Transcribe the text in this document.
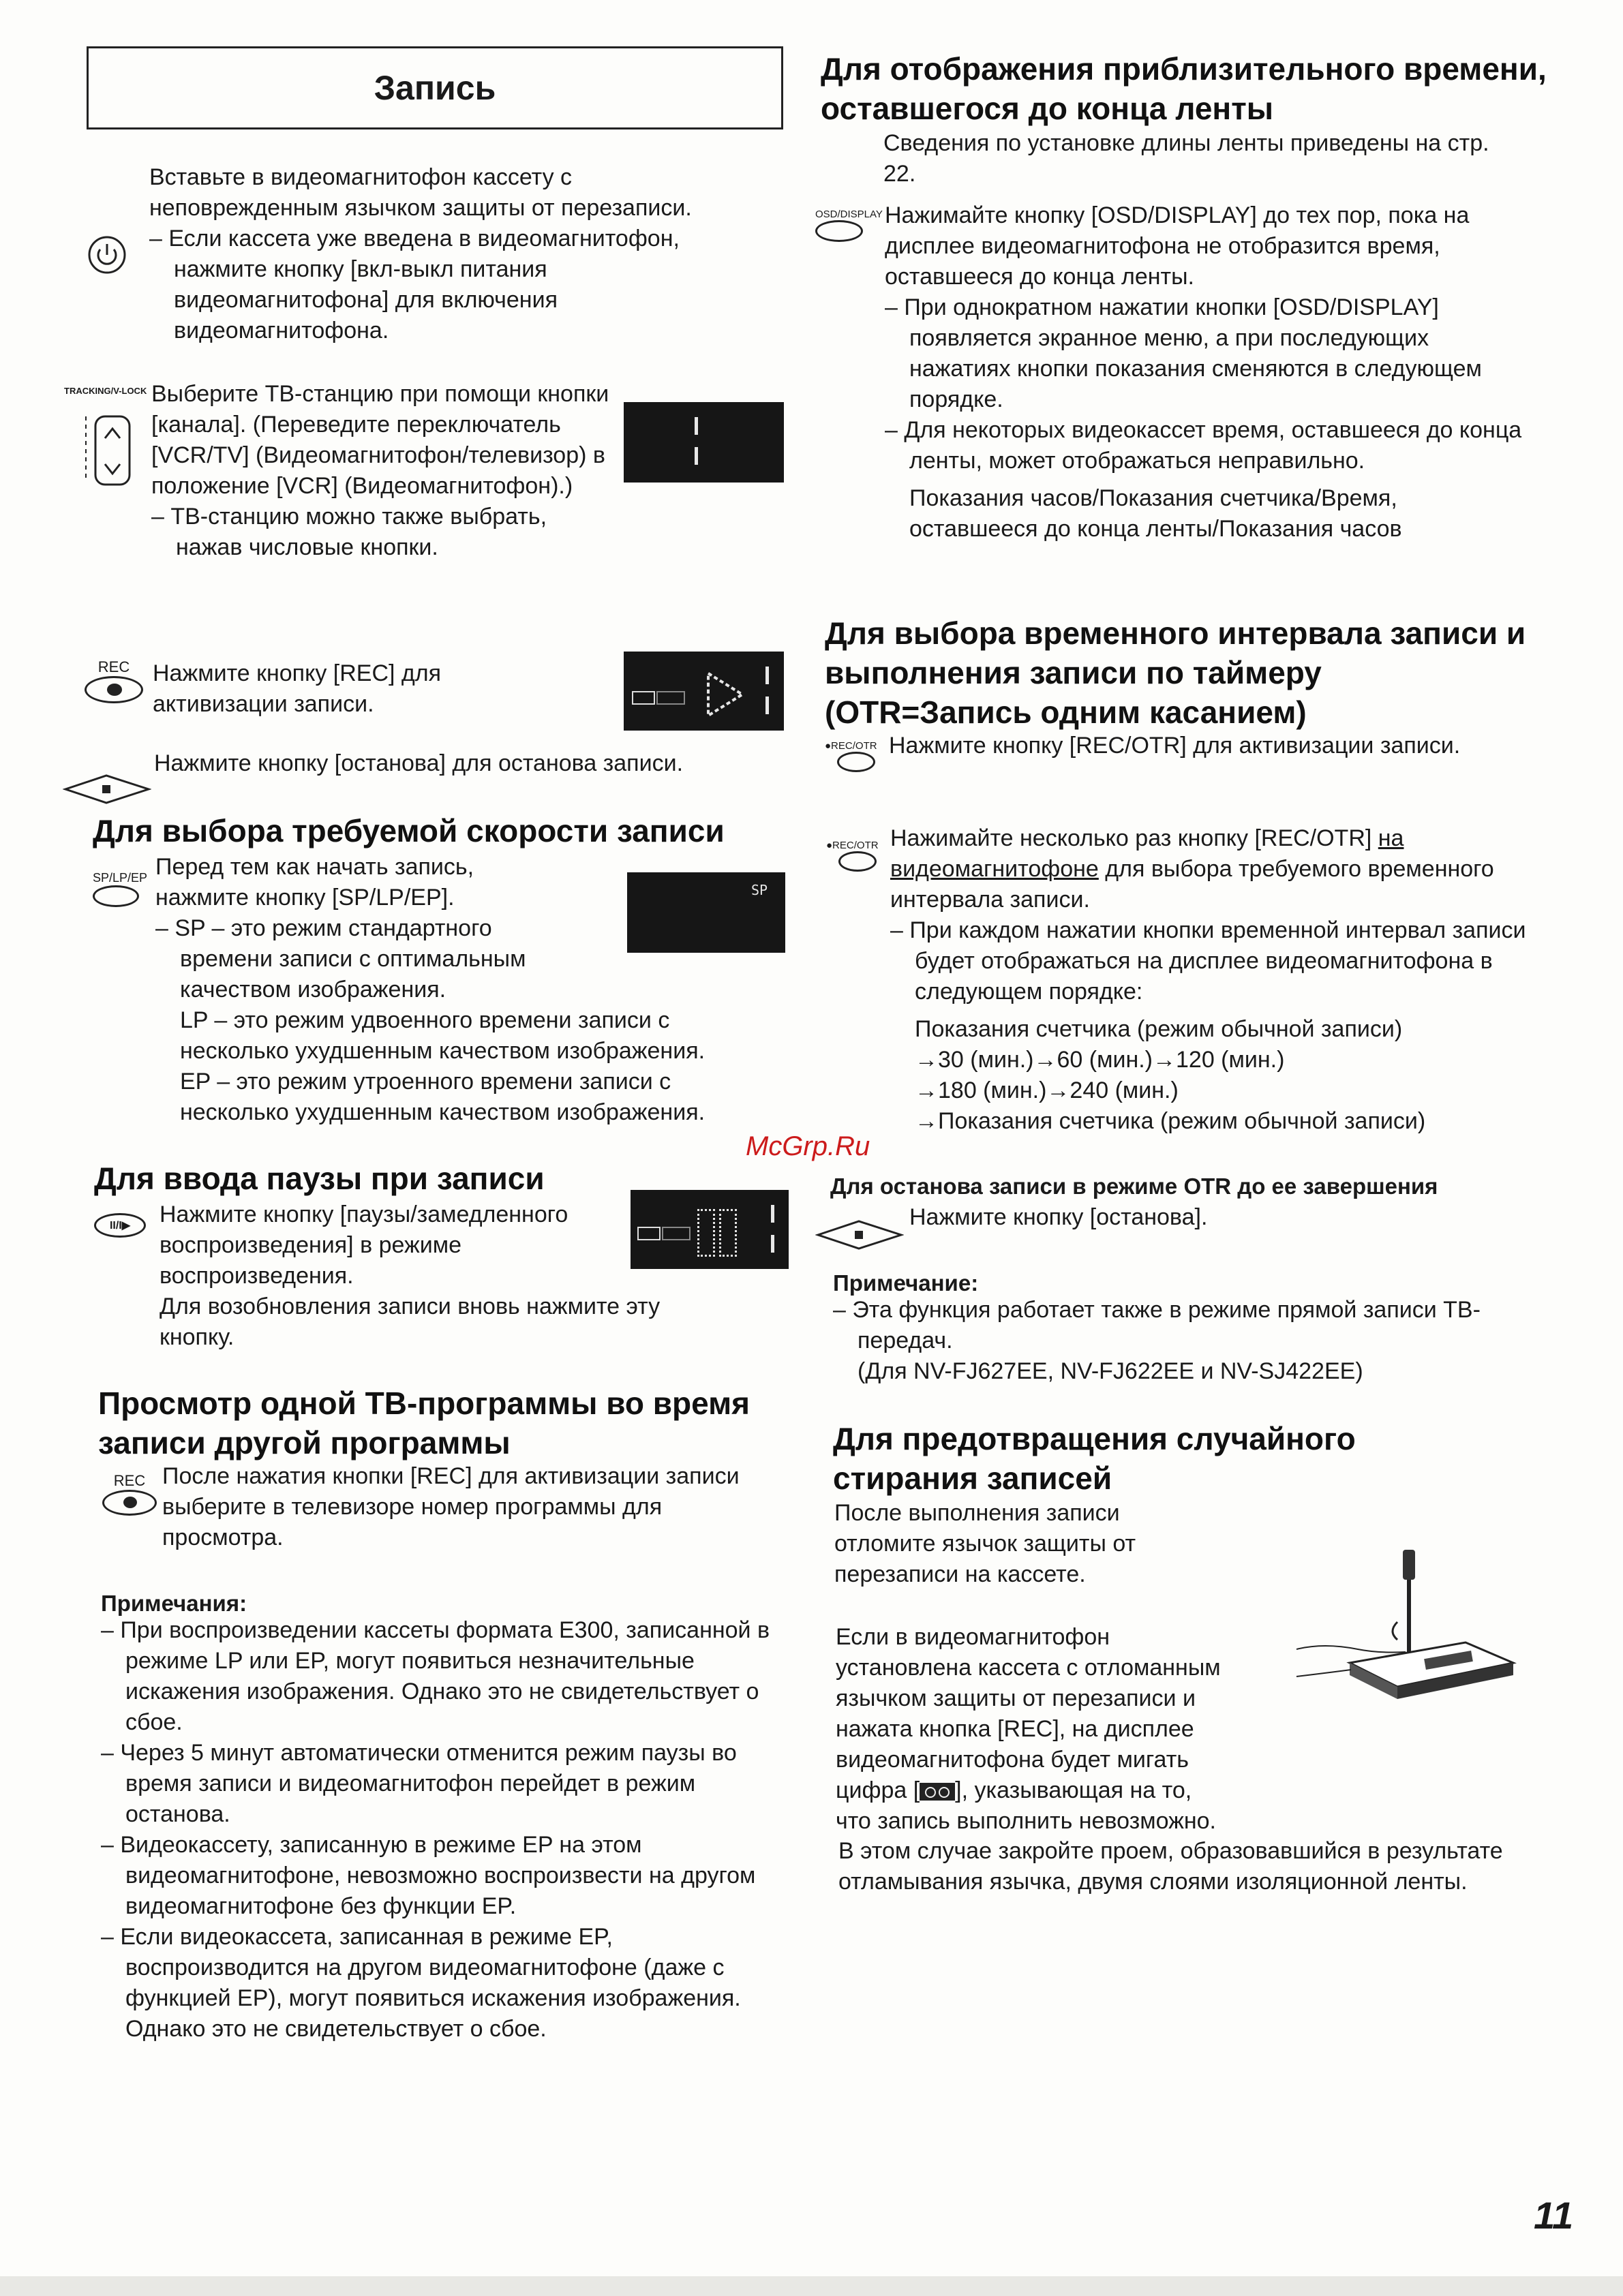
Запись

Вставьте в видеомагнитофон кассету с неповрежденным язычком защиты от перезаписи.

– Если кассета уже введена в видеомагнитофон, нажмите кнопку [вкл-выкл питания видеомагнитофона] для включения видеомагнитофона.

TRACKING/V-LOCK Выберите ТВ-станцию при помощи кнопки [канала]. (Переведите переключатель [VCR/TV] (Видеомагнитофон/телевизор) в положение [VCR] (Видеомагнитофон).)

– ТВ-станцию можно также выбрать, нажав числовые кнопки.

REC Нажмите кнопку [REC] для активизации записи.
Нажмите кнопку [останова] для останова записи.
Для выбора требуемой скорости записи
SP/LP/EP Перед тем как начать запись, нажмите кнопку [SP/LP/EP].

– SP – это режим стандартного времени записи с оптимальным качеством изображения.

LP – это режим удвоенного времени записи с несколько ухудшенным качеством изображения.

EP – это режим утроенного времени записи с несколько ухудшенным качеством изображения.

SP
Для ввода паузы при записи
II/I▶	Нажмите кнопку [паузы/замедленного воспроизведения] в режиме воспроизведения.

Для возобновления записи вновь нажмите эту кнопку.

Просмотр одной ТВ-программы во время записи другой программы
REC После нажатия кнопки [REC] для активизации записи выберите в телевизоре номер программы для просмотра.
Примечания:

– При воспроизведении кассеты формата E300, записанной в режиме LP или EP, могут появиться незначительные искажения изображения. Однако это не свидетельствует о сбое.

– Через 5 минут автоматически отменится режим паузы во время записи и видеомагнитофон перейдет в режим останова.

– Видеокассету, записанную в режиме EP на этом видеомагнитофоне, невозможно воспроизвести на другом видеомагнитофоне без функции EP.

– Если видеокассета, записанная в режиме EP, воспроизводится на другом видеомагнитофоне (даже с функцией EP), могут появиться искажения изображения. Однако это не свидетельствует о сбое.

Для отображения приблизительного времени, оставшегося до конца ленты
Сведения по установке длины ленты приведены на стр. 22.
OSD/DISPLAY Нажимайте кнопку [OSD/DISPLAY] до тех пор, пока на дисплее видеомагнитофона не отобразится время, оставшееся до конца ленты.

– При однократном нажатии кнопки [OSD/DISPLAY] появляется экранное меню, а при последующих нажатиях кнопки показания сменяются в следующем порядке.

– Для некоторых видеокассет время, оставшееся до конца ленты, может отображаться неправильно.

Показания часов/Показания счетчика/Время, оставшееся до конца ленты/Показания часов

Для выбора временного интервала записи и выполнения записи по таймеру (OTR=Запись одним касанием)
●REC/OTR Нажмите кнопку [REC/OTR] для активизации записи.
●REC/OTR Нажимайте несколько раз кнопку [REC/OTR] на видеомагнитофоне для выбора требуемого временного интервала записи.

– При каждом нажатии кнопки временной интервал записи будет отображаться на дисплее видеомагнитофона в следующем порядке:

Показания счетчика (режим обычной записи)

→30 (мин.)→60 (мин.)→120 (мин.)

→180 (мин.)→240 (мин.)

→Показания счетчика (режим обычной записи)

Для останова записи в режиме OTR до ее завершения
Нажмите кнопку [останова].
Примечание:

– Эта функция работает также в режиме прямой записи ТВ-передач.

(Для NV-FJ627EE, NV-FJ622EE и NV-SJ422EE)

Для предотвращения случайного стирания записей
После выполнения записи отломите язычок защиты от перезаписи на кассете.

Если в видеомагнитофон

установлена кассета с отломанным

язычком защиты от перезаписи и

нажата кнопка [REC], на дисплее

видеомагнитофона будет мигать

цифра [ ], указывающая на то,

что запись выполнить невозможно.

В этом случае закройте проем, образовавшийся в результате отламывания язычка, двумя слоями изоляционной ленты.
McGrp.Ru
11
